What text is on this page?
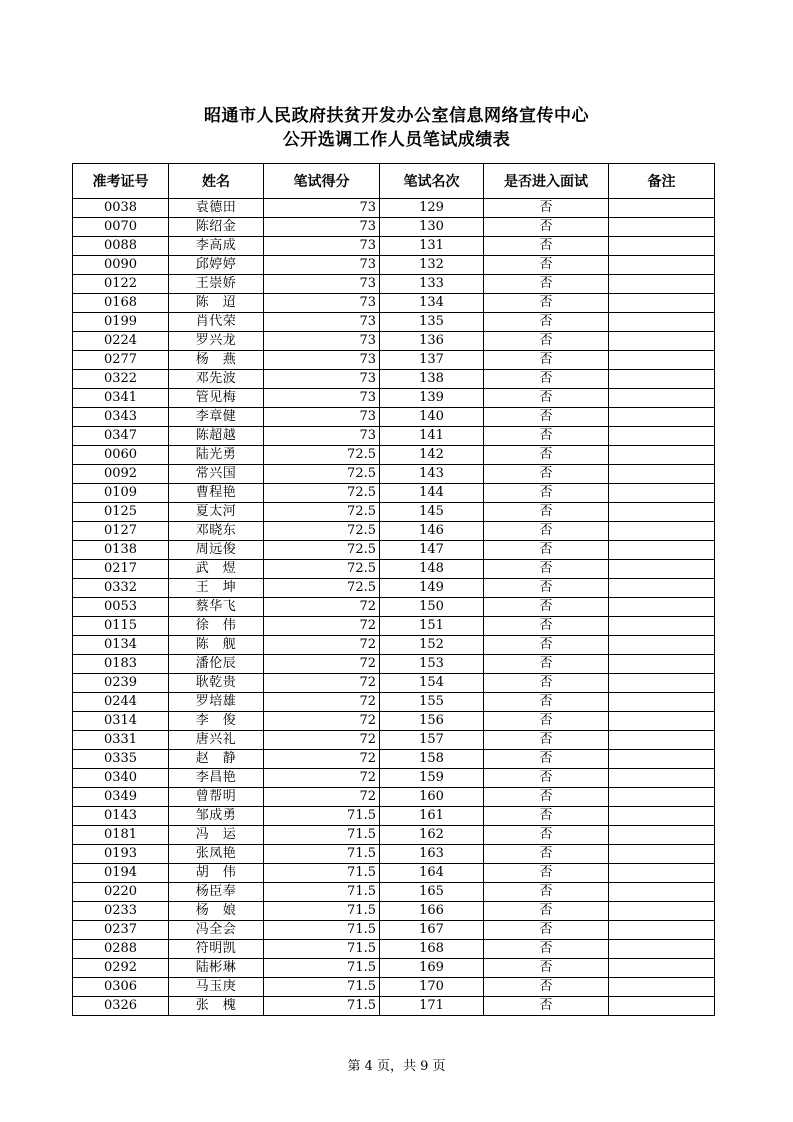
昭通市人民政府扶贫开发办公室信息网络宣传中心
公开选调工作人员笔试成绩表
准考证号	姓名	笔试得分	笔试名次	是否进入面试	备注
0038	袁德田	73	129	否	
0070	陈绍金	73	130	否	
0088	李高成	73	131	否	
0090	邱婷婷	73	132	否	
0122	王崇娇	73	133	否	
0168	陈　迢	73	134	否	
0199	肖代荣	73	135	否	
0224	罗兴龙	73	136	否	
0277	杨　燕	73	137	否	
0322	邓先波	73	138	否	
0341	管见梅	73	139	否	
0343	李章健	73	140	否	
0347	陈超越	73	141	否	
0060	陆光勇	72.5	142	否	
0092	常兴国	72.5	143	否	
0109	曹程艳	72.5	144	否	
0125	夏太河	72.5	145	否	
0127	邓晓东	72.5	146	否	
0138	周远俊	72.5	147	否	
0217	武　煜	72.5	148	否	
0332	王　坤	72.5	149	否	
0053	蔡华飞	72	150	否	
0115	徐　伟	72	151	否	
0134	陈　舰	72	152	否	
0183	潘伦辰	72	153	否	
0239	耿乾贵	72	154	否	
0244	罗培雄	72	155	否	
0314	李　俊	72	156	否	
0331	唐兴礼	72	157	否	
0335	赵　静	72	158	否	
0340	李昌艳	72	159	否	
0349	曾帮明	72	160	否	
0143	邹成勇	71.5	161	否	
0181	冯　运	71.5	162	否	
0193	张凤艳	71.5	163	否	
0194	胡　伟	71.5	164	否	
0220	杨臣奉	71.5	165	否	
0233	杨　娘	71.5	166	否	
0237	冯全会	71.5	167	否	
0288	符明凯	71.5	168	否	
0292	陆彬琳	71.5	169	否	
0306	马玉庚	71.5	170	否	
0326	张　槐	71.5	171	否	
第 4 页，共 9 页
